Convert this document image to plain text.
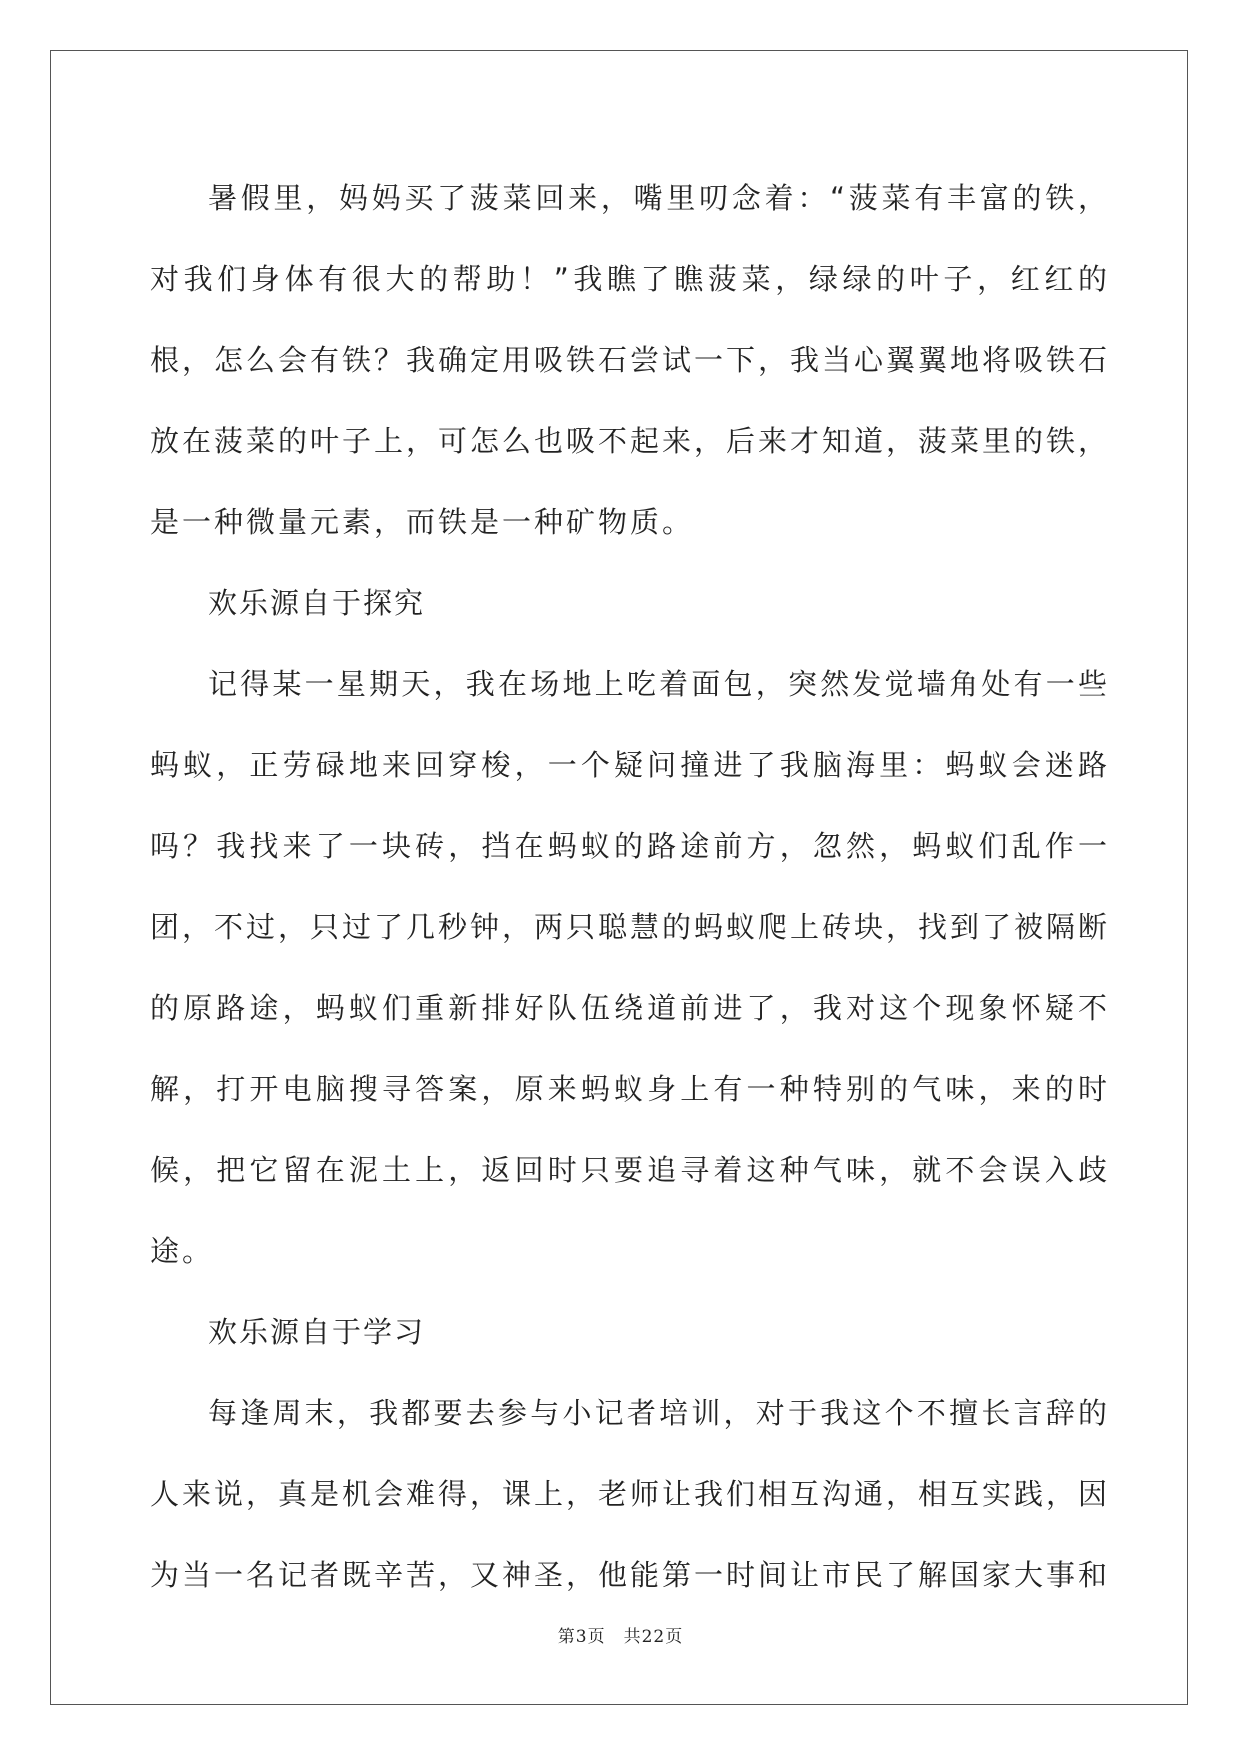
暑假里，妈妈买了菠菜回来，嘴里叨念着：“菠菜有丰富的铁，对我们身体有很大的帮助！”我瞧了瞧菠菜，绿绿的叶子，红红的根，怎么会有铁？我确定用吸铁石尝试一下，我当心翼翼地将吸铁石放在菠菜的叶子上，可怎么也吸不起来，后来才知道，菠菜里的铁，是一种微量元素，而铁是一种矿物质。

欢乐源自于探究

记得某一星期天，我在场地上吃着面包，突然发觉墙角处有一些蚂蚁，正劳碌地来回穿梭，一个疑问撞进了我脑海里：蚂蚁会迷路吗？我找来了一块砖，挡在蚂蚁的路途前方，忽然，蚂蚁们乱作一团，不过，只过了几秒钟，两只聪慧的蚂蚁爬上砖块，找到了被隔断的原路途，蚂蚁们重新排好队伍绕道前进了，我对这个现象怀疑不解，打开电脑搜寻答案，原来蚂蚁身上有一种特别的气味，来的时候，把它留在泥土上，返回时只要追寻着这种气味，就不会误入歧途。

欢乐源自于学习

每逢周末，我都要去参与小记者培训，对于我这个不擅长言辞的人来说，真是机会难得，课上，老师让我们相互沟通，相互实践，因为当一名记者既辛苦，又神圣，他能第一时间让市民了解国家大事和

第3页　共22页
